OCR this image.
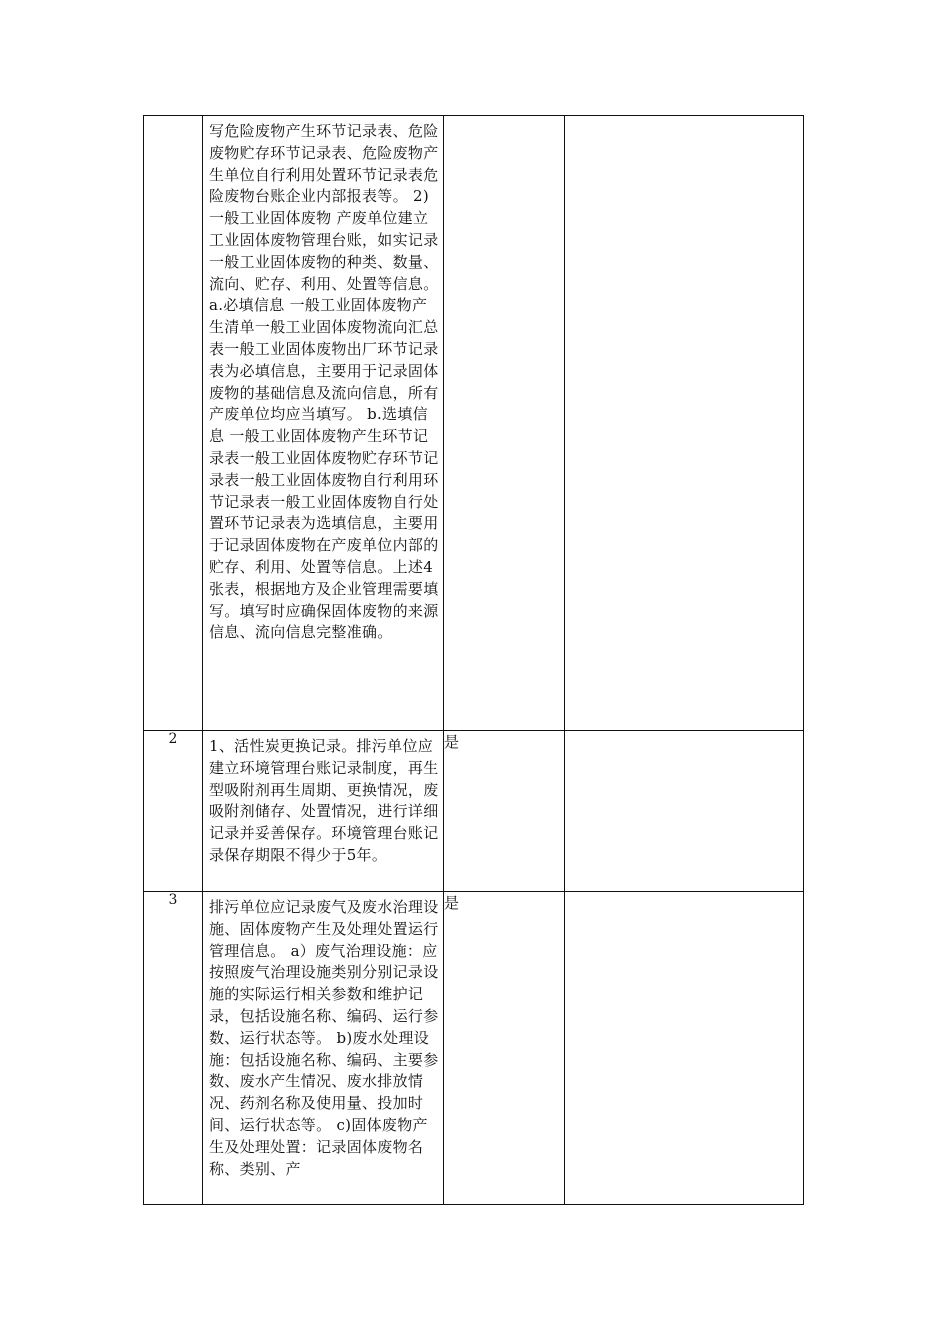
	写危险废物产生环节记录表、危险废物贮存环节记录表、危险废物产生单位自行利用处置环节记录表危险废物台账企业内部报表等。 2)一般工业固体废物 产废单位建立工业固体废物管理台账，如实记录一般工业固体废物的种类、数量、流向、贮存、利用、处置等信息。 a.必填信息 一般工业固体废物产生清单一般工业固体废物流向汇总表一般工业固体废物出厂环节记录表为必填信息，主要用于记录固体废物的基础信息及流向信息，所有产废单位均应当填写。 b.选填信息 一般工业固体废物产生环节记录表一般工业固体废物贮存环节记录表一般工业固体废物自行利用环节记录表一般工业固体废物自行处置环节记录表为选填信息，主要用于记录固体废物在产废单位内部的贮存、利用、处置等信息。上述4张表，根据地方及企业管理需要填写。填写时应确保固体废物的来源信息、流向信息完整准确。		

2	1、活性炭更换记录。排污单位应建立环境管理台账记录制度，再生型吸附剂再生周期、更换情况，废吸附剂储存、处置情况，进行详细记录并妥善保存。环境管理台账记录保存期限不得少于5年。	是	
3	排污单位应记录废气及废水治理设施、固体废物产生及处理处置运行管理信息。 a）废气治理设施：应按照废气治理设施类别分别记录设施的实际运行相关参数和维护记录，包括设施名称、编码、运行参数、运行状态等。 b)废水处理设施：包括设施名称、编码、主要参数、废水产生情况、废水排放情况、药剂名称及使用量、投加时间、运行状态等。 c)固体废物产生及处理处置：记录固体废物名称、类别、产	是	
